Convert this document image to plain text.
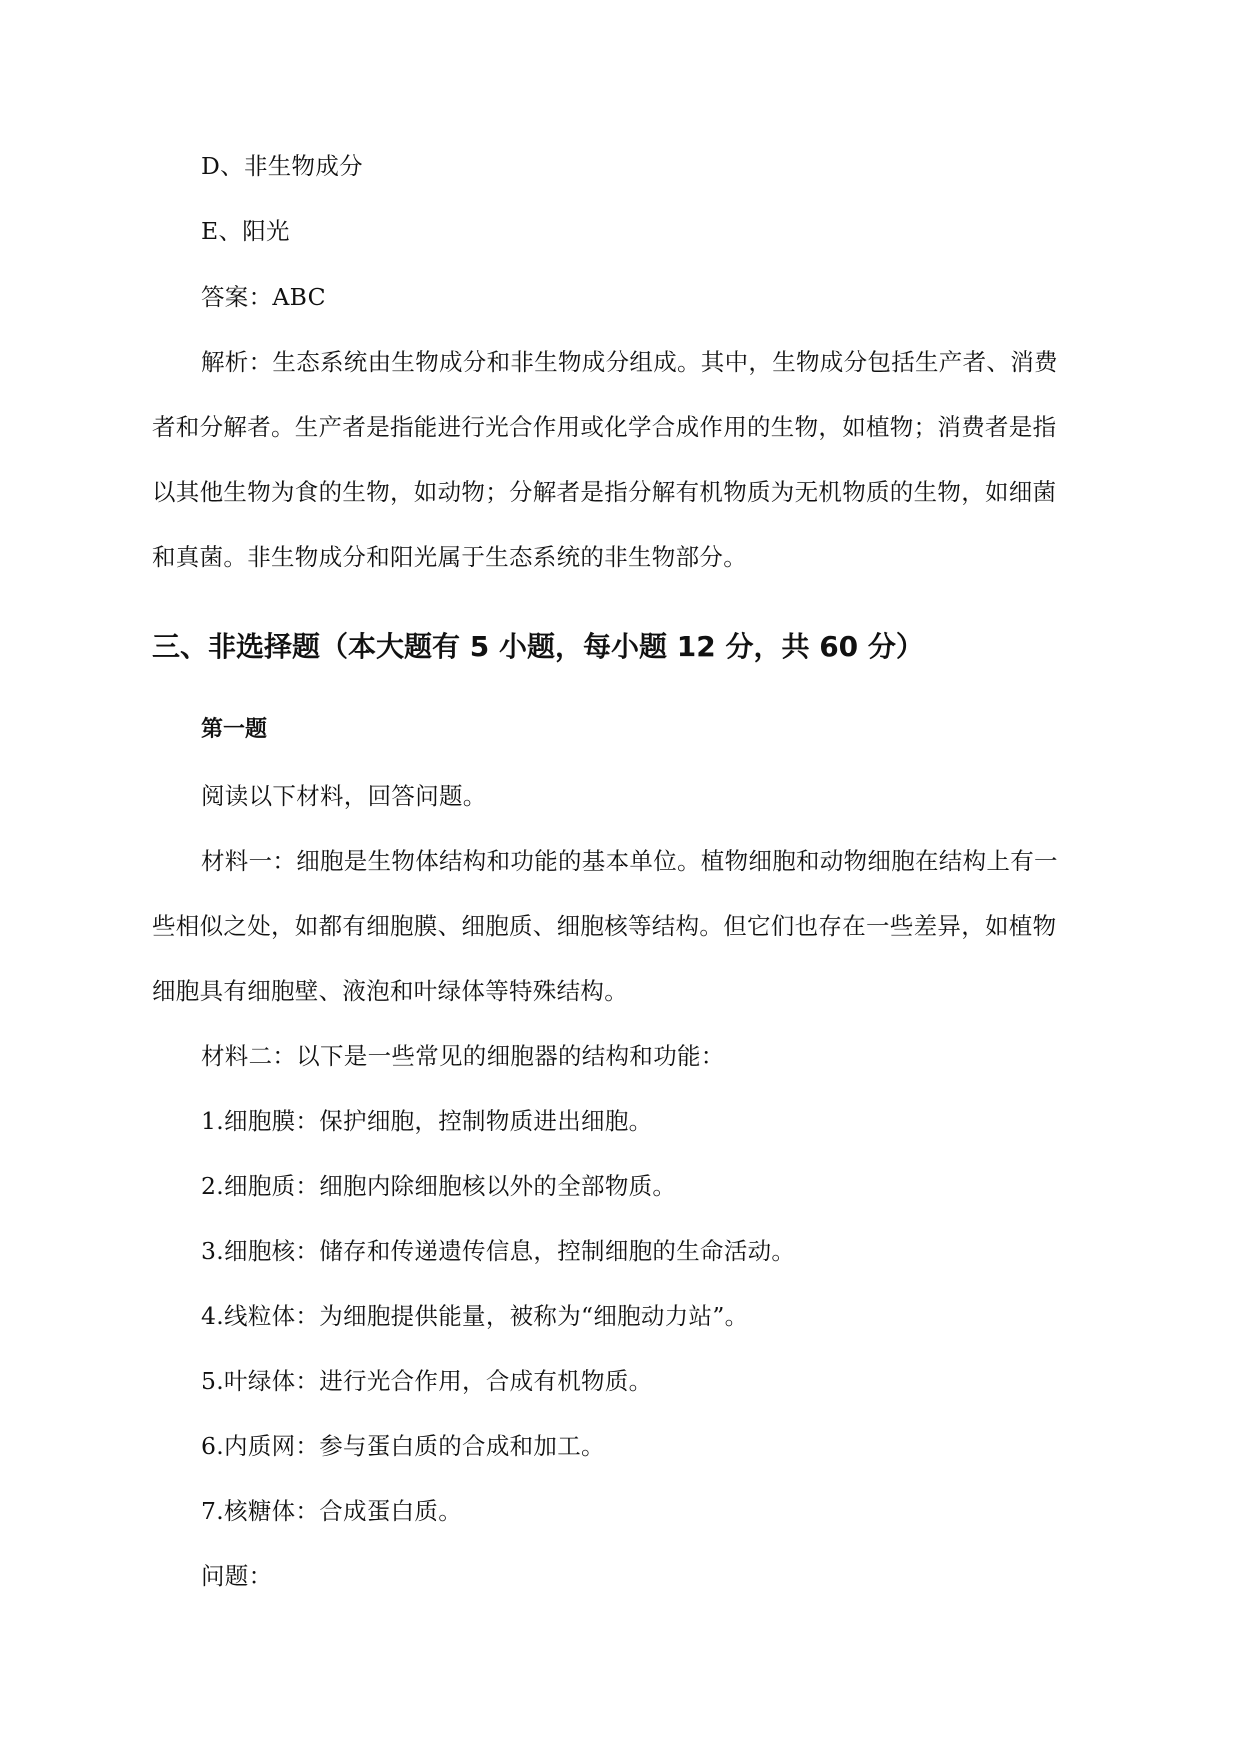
D、非生物成分
E、阳光
答案：ABC
解析：生态系统由生物成分和非生物成分组成。其中，生物成分包括生产者、消费
者和分解者。生产者是指能进行光合作用或化学合成作用的生物，如植物；消费者是指
以其他生物为食的生物，如动物；分解者是指分解有机物质为无机物质的生物，如细菌
和真菌。非生物成分和阳光属于生态系统的非生物部分。
三、非选择题（本大题有 5 小题，每小题 12 分，共 60 分）
第一题
阅读以下材料，回答问题。
材料一：细胞是生物体结构和功能的基本单位。植物细胞和动物细胞在结构上有一
些相似之处，如都有细胞膜、细胞质、细胞核等结构。但它们也存在一些差异，如植物
细胞具有细胞壁、液泡和叶绿体等特殊结构。
材料二：以下是一些常见的细胞器的结构和功能：
1.细胞膜：保护细胞，控制物质进出细胞。
2.细胞质：细胞内除细胞核以外的全部物质。
3.细胞核：储存和传递遗传信息，控制细胞的生命活动。
4.线粒体：为细胞提供能量，被称为“细胞动力站”。
5.叶绿体：进行光合作用，合成有机物质。
6.内质网：参与蛋白质的合成和加工。
7.核糖体：合成蛋白质。
问题：
